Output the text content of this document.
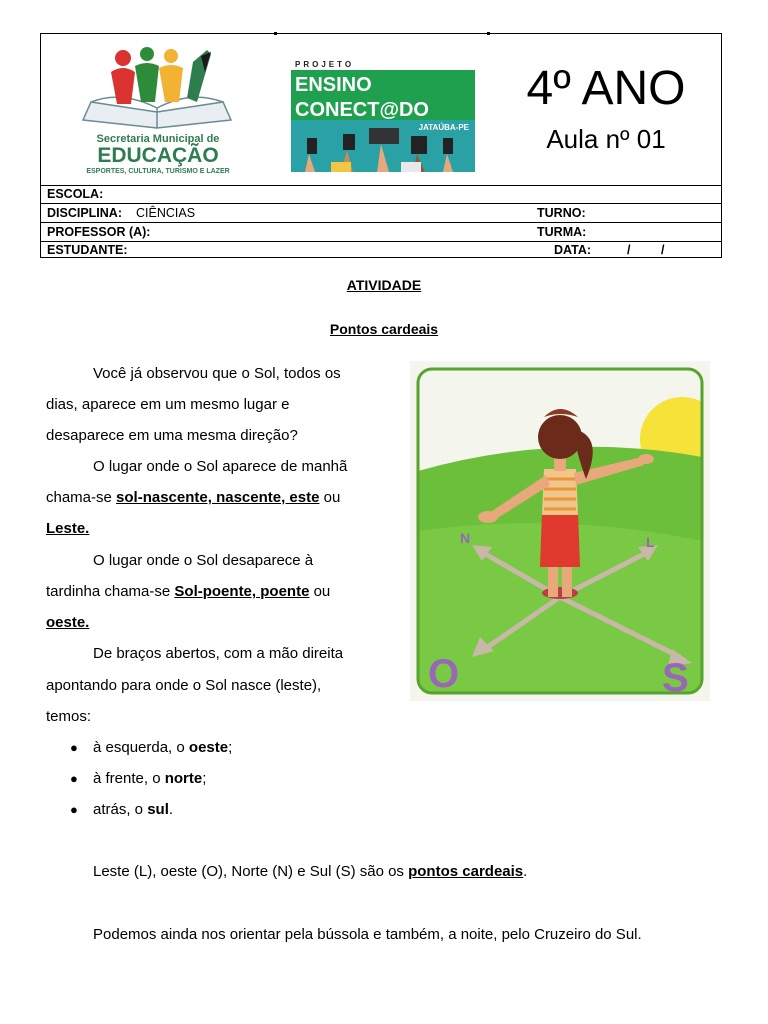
Secretaria Municipal de
EDUCAÇÃO
ESPORTES, CULTURA, TURISMO E LAZER
PROJETO
ENSINO
CONECT@DO
JATAÚBA-PE
4º ANO
Aula nº 01
ESCOLA:
DISCIPLINA: CIÊNCIAS	TURNO:
PROFESSOR (A):	TURMA:
ESTUDANTE:	DATA:	/ /
ATIVIDADE
Pontos cardeais
Você já observou que o Sol, todos os
dias, aparece em um mesmo lugar e
desaparece em uma mesma direção?
O lugar onde o Sol aparece de manhã
chama-se sol-nascente, nascente, este ou
Leste.
O lugar onde o Sol desaparece à
tardinha chama-se Sol-poente, poente ou
oeste.
De braços abertos, com a mão direita
apontando para onde o Sol nasce (leste),
temos:
● à esquerda, o oeste;
● à frente, o norte;
● atrás, o sul.
Leste (L), oeste (O), Norte (N) e Sul (S) são os pontos cardeais.
Podemos ainda nos orientar pela bússola e também, a noite, pelo Cruzeiro do Sul.
N	L
O	S
